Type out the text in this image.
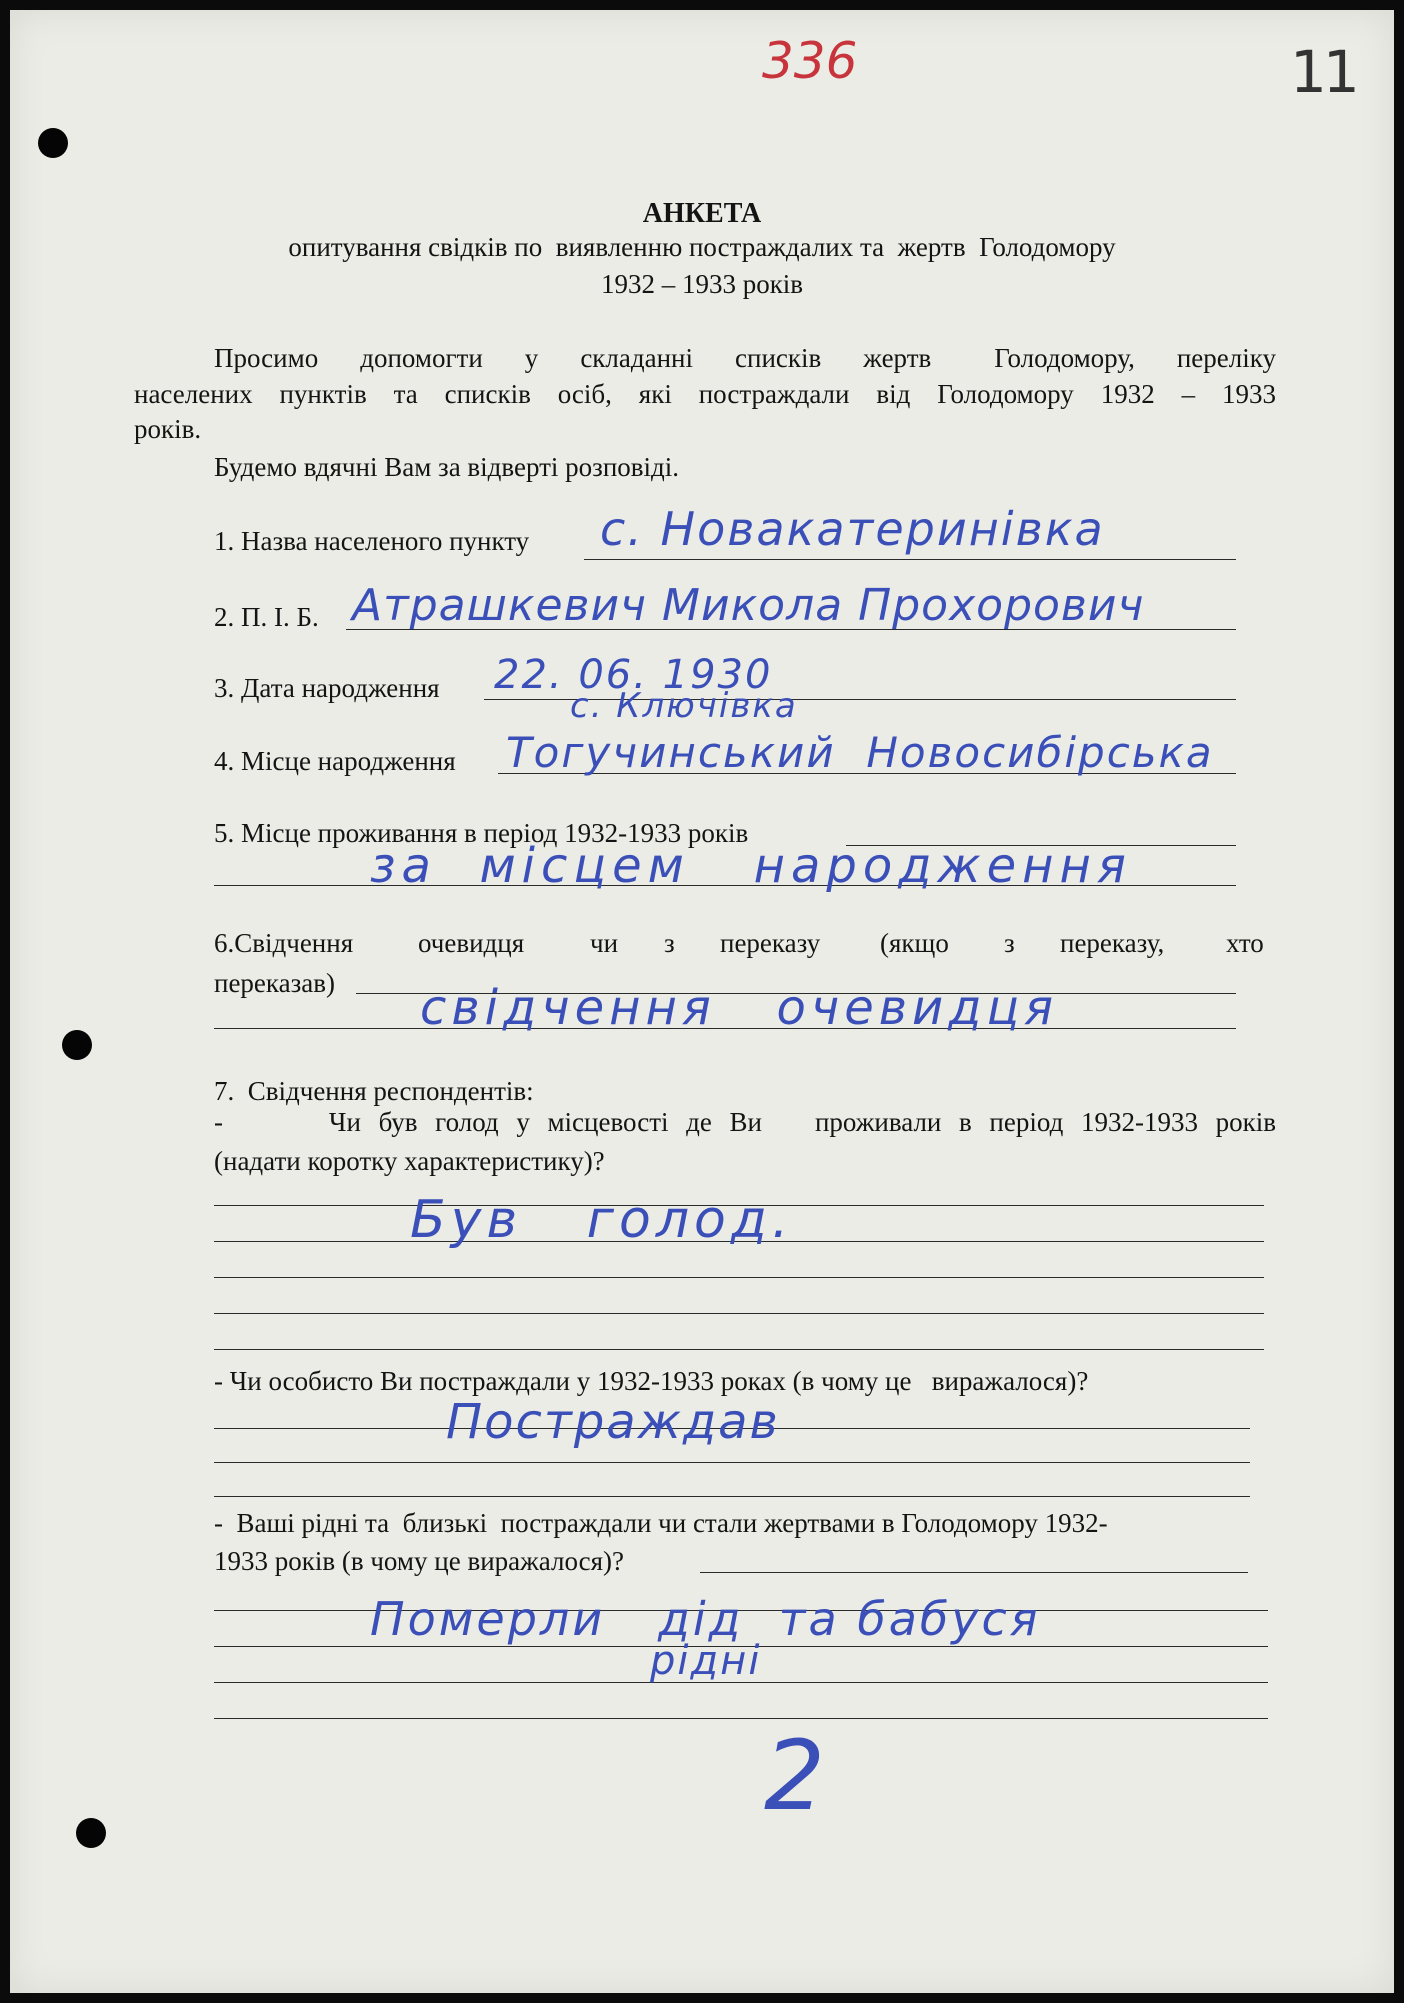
336	11
АНКЕТА
опитування свідків по  виявленню постраждалих та  жертв  Голодомору
1932 – 1933 років
Просимо  допомогти  у  складанні  списків  жертв   Голодомору,  переліку
населених  пунктів  та  списків  осіб,  які  постраждали  від  Голодомору  1932  –  1933
років.
Будемо вдячні Вам за відверті розповіді.
1. Назва населеного пункту с. Новакатеринівка
2. П. І. Б. Атрашкевич Микола Прохорович
3. Дата народження 22. 06. 1930
4. Місце народження
с. Ключівка
Тогучинський  Новосибірська
5. Місце проживання в період 1932-1933 років
за  місцем   народження
6.Свідчення очевидця чи з переказу (якщо з переказу, хто
переказав) свідчення   очевидця
7.  Свідчення респондентів:
-      Чи був голод у місцевості де Ви   проживали в період 1932-1933 років
(надати коротку характеристику)?
Був   голод.
- Чи особисто Ви постраждали у 1932-1933 роках (в чому це   виражалося)?
Постраждав
-  Ваші рідні та  близькі  постраждали чи стали жертвами в Голодомору 1932-
1933 років (в чому це виражалося)?
Померли   дід  та бабуся
рідні
2
